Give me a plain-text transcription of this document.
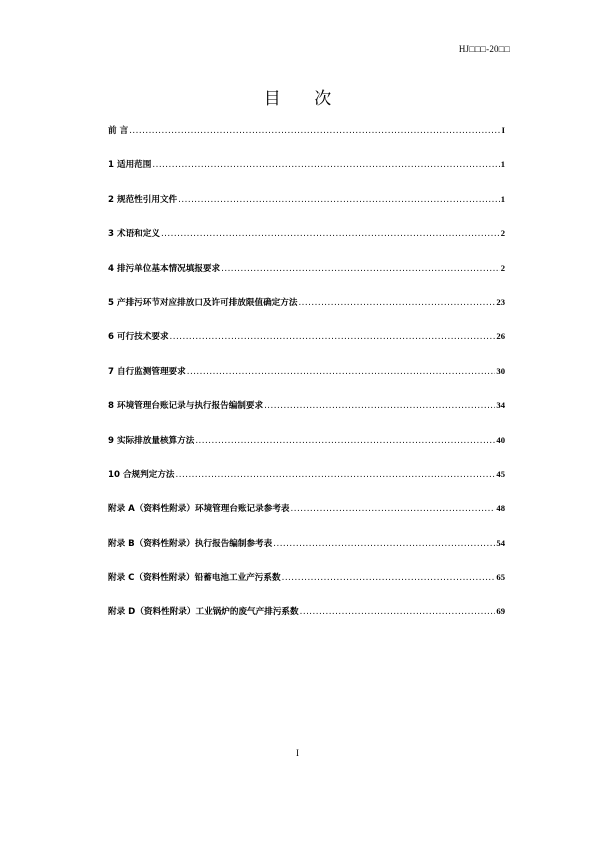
HJ□□□-20□□
目 次
前 言 .....	I
1 适用范围 .....	1
2 规范性引用文件 .....	1
3 术语和定义 .....	2
4 排污单位基本情况填报要求 .....	2
5 产排污环节对应排放口及许可排放限值确定方法 .....	23
6 可行技术要求 .....	26
7 自行监测管理要求 .....	30
8 环境管理台账记录与执行报告编制要求 .....	34
9 实际排放量核算方法 .....	40
10 合规判定方法 .....	45
附录 A（资料性附录）环境管理台账记录参考表 .....	48
附录 B（资料性附录）执行报告编制参考表 .....	54
附录 C（资料性附录）铅蓄电池工业产污系数 .....	65
附录 D（资料性附录）工业锅炉的废气产排污系数 .....	69
I
